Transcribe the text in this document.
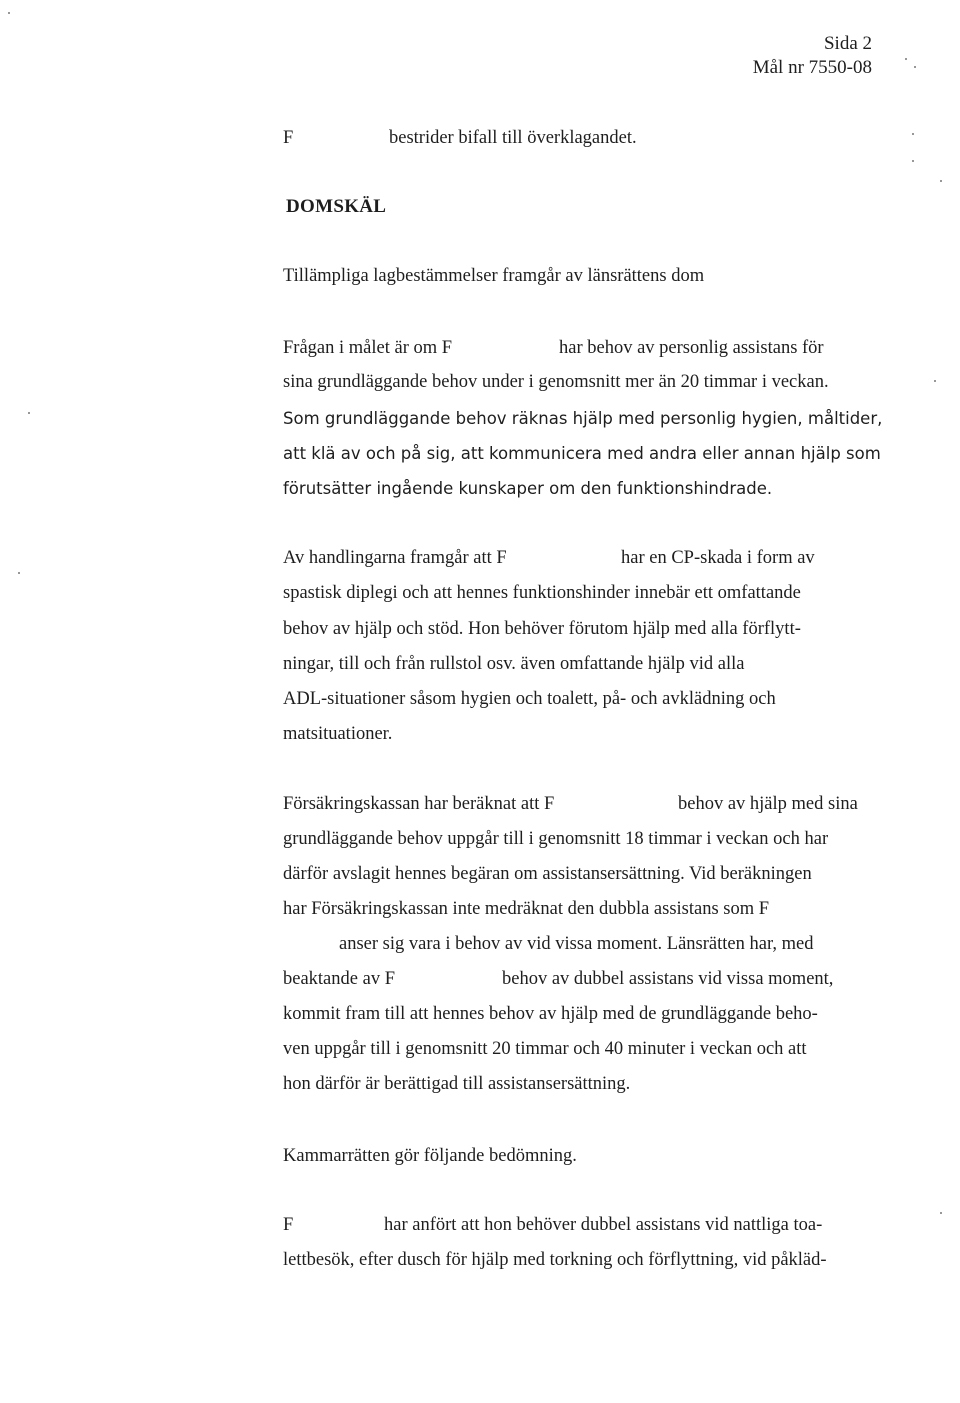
Sida 2
Mål nr 7550-08
F	bestrider bifall till överklagandet.
DOMSKÄL
Tillämpliga lagbestämmelser framgår av länsrättens dom
Frågan i målet är om F	har behov av personlig assistans för
sina grundläggande behov under i genomsnitt mer än 20 timmar i veckan.
Som grundläggande behov räknas hjälp med personlig hygien, måltider,
att klä av och på sig, att kommunicera med andra eller annan hjälp som
förutsätter ingående kunskaper om den funktionshindrade.
Av handlingarna framgår att F	har en CP-skada i form av
spastisk diplegi och att hennes funktionshinder innebär ett omfattande
behov av hjälp och stöd. Hon behöver förutom hjälp med alla förflytt-
ningar, till och från rullstol osv. även omfattande hjälp vid alla
ADL-situationer såsom hygien och toalett, på- och avklädning och
matsituationer.
Försäkringskassan har beräknat att F	behov av hjälp med sina
grundläggande behov uppgår till i genomsnitt 18 timmar i veckan och har
därför avslagit hennes begäran om assistansersättning. Vid beräkningen
har Försäkringskassan inte medräknat den dubbla assistans som F
anser sig vara i behov av vid vissa moment. Länsrätten har, med
beaktande av F	behov av dubbel assistans vid vissa moment,
kommit fram till att hennes behov av hjälp med de grundläggande beho-
ven uppgår till i genomsnitt 20 timmar och 40 minuter i veckan och att
hon därför är berättigad till assistansersättning.
Kammarrätten gör följande bedömning.
F	har anfört att hon behöver dubbel assistans vid nattliga toa-
lettbesök, efter dusch för hjälp med torkning och förflyttning, vid påkläd-
